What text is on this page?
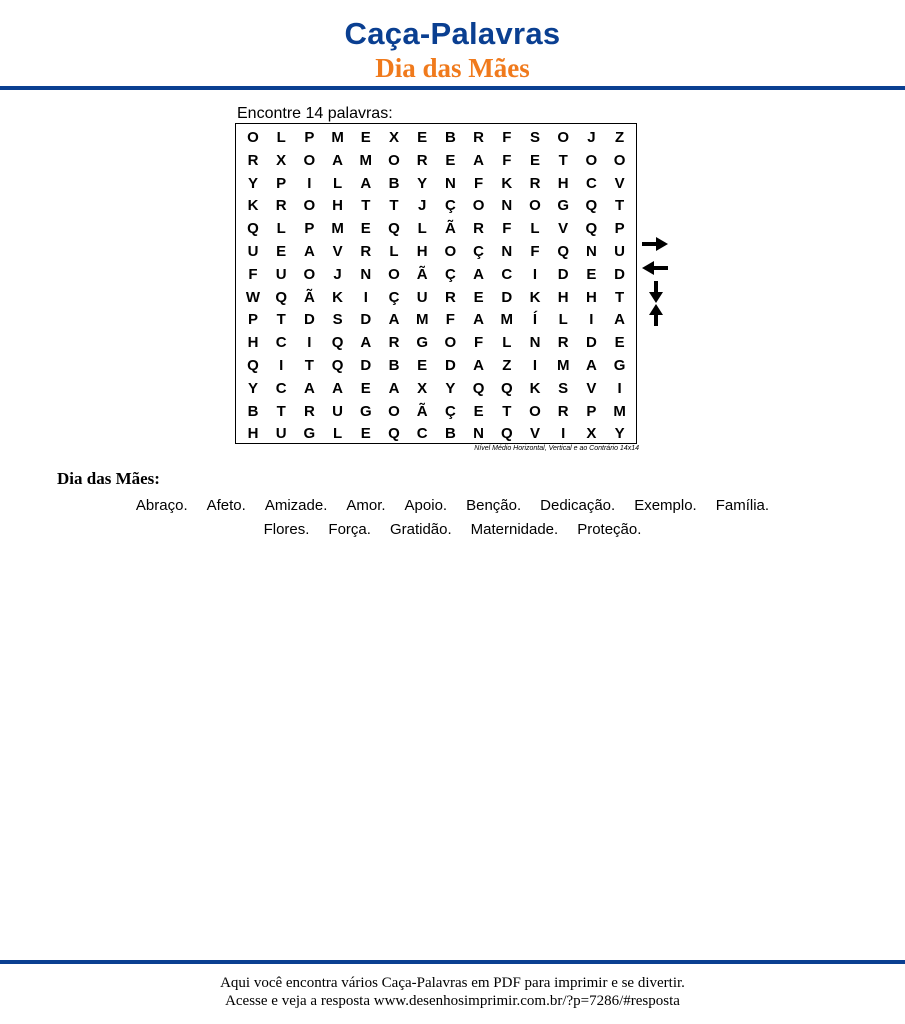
Caça-Palavras
Dia das Mães
Encontre 14 palavras:
O	L	P	M	E	X	E	B	R	F	S	O	J	Z
R	X	O	A	M	O	R	E	A	F	E	T	O	O
Y	P	I	L	A	B	Y	N	F	K	R	H	C	V
K	R	O	H	T	T	J	Ç	O	N	O	G	Q	T
Q	L	P	M	E	Q	L	Ã	R	F	L	V	Q	P
U	E	A	V	R	L	H	O	Ç	N	F	Q	N	U
F	U	O	J	N	O	Ã	Ç	A	C	I	D	E	D
W	Q	Ã	K	I	Ç	U	R	E	D	K	H	H	T
P	T	D	S	D	A	M	F	A	M	Í	L	I	A
H	C	I	Q	A	R	G	O	F	L	N	R	D	E
Q	I	T	Q	D	B	E	D	A	Z	I	M	A	G
Y	C	A	A	E	A	X	Y	Q	Q	K	S	V	I
B	T	R	U	G	O	Ã	Ç	E	T	O	R	P	M
H	U	G	L	E	Q	C	B	N	Q	V	I	X	Y
Nível Médio Horizontal, Vertical e ao Contrário 14x14
Dia das Mães:
Abraço. Afeto. Amizade. Amor. Apoio. Benção. Dedicação. Exemplo. Família.
Flores. Força. Gratidão. Maternidade. Proteção.
Aqui você encontra vários Caça-Palavras em PDF para imprimir e se divertir.
Acesse e veja a resposta www.desenhosimprimir.com.br/?p=7286/#resposta
